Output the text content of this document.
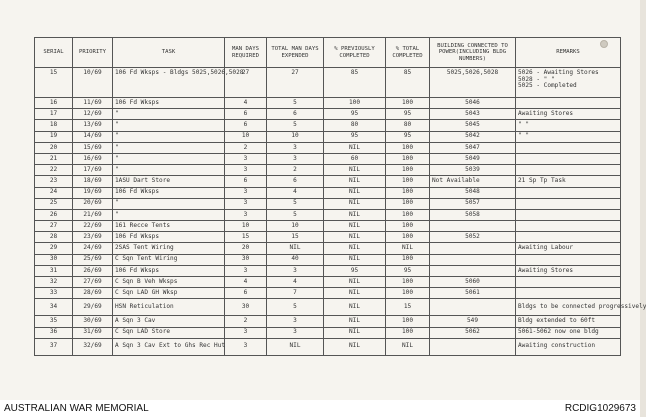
SERIAL	PRIORITY	TASK	MAN DAYS REQUIRED	TOTAL MAN DAYS EXPENDED	% PREVIOUSLY COMPLETED	% TOTAL COMPLETED	BUILDING CONNECTED TO POWER(INCLUDING BLDG NUMBERS)	REMARKS
15	10/69	106 Fd Wksps - Bldgs 5025,5026,5028	27	27	85	85	5025,5026,5028	5026 - Awaiting Stores
5028 - " "
5025 - Completed
16	11/69	106 Fd Wksps	4	5	100	100	5046	
17	12/69	"	6	6	95	95	5043	Awaiting Stores
18	13/69	"	6	5	80	80	5045	" "
19	14/69	"	10	10	95	95	5042	" "
20	15/69	"	2	3	NIL	100	5047	
21	16/69	"	3	3	60	100	5049	
22	17/69	"	3	2	NIL	100	5039	
23	18/69	1ASU Dart Store	6	6	NIL	100	Not Available	21 Sp Tp Task
24	19/69	106 Fd Wksps	3	4	NIL	100	5048	
25	20/69	"	3	5	NIL	100	5057	
26	21/69	"	3	5	NIL	100	5058	
27	22/69	161 Recce Tents	10	10	NIL	100		
28	23/69	106 Fd Wksps	15	15	NIL	100	5052	
29	24/69	2SAS Tent Wiring	20	NIL	NIL	NIL		Awaiting Labour
30	25/69	C Sqn Tent Wiring	30	40	NIL	100		
31	26/69	106 Fd Wksps	3	3	95	95		Awaiting Stores
32	27/69	C Sqn B Veh Wksps	4	4	NIL	100	5060	
33	28/69	C Sqn LAD GH Wksp	6	7	NIL	100	5061	
34	29/69	HSN Reticulation	30	5	NIL	15		Bldgs to be connected progressively
35	30/69	A Sqn 3 Cav	2	3	NIL	100	549	Bldg extended to 60ft
36	31/69	C Sqn LAD Store	3	3	NIL	100	5062	5061-5062 now one bldg
37	32/69	A Sqn 3 Cav Ext to Ghs Rec Hut	3	NIL	NIL	NIL		Awaiting construction
AUSTRALIAN WAR MEMORIAL	RCDIG1029673
